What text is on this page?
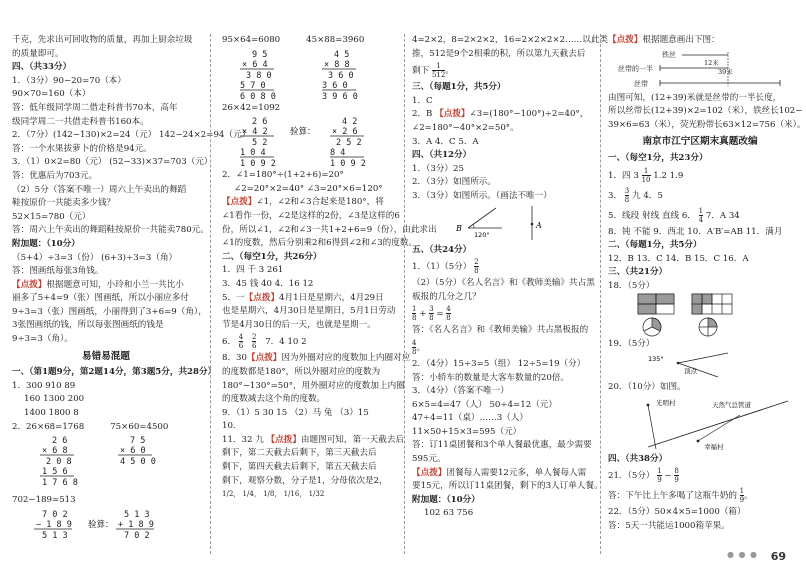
千克，先求出可回收物的质量，再加上厨余垃圾
的质量即可。
四、（共33分）
1．（3分）90−20=70（本）
90×70=160（本）
答：低年级同学周二借走科普书70本，高年
级同学周二一共借走科普书160本。
2．（7分）(142−130)×2=24（元） 142−24×2=94（元）
答：一个水果拔萝卜的价格是94元。
3．（1）0×2=80（元） (52−33)×37=703（元）
答：优惠后为703元。
（2）5分（答案不唯一）周六上午卖出的舞蹈
鞋按原价一共能卖多少钱？
52×15=780（元）
答：周六上午卖出的舞蹈鞋按原价一共能卖780元。
附加题：（10分）
（5+4）÷3=3（份） (6+3)÷3=3（角）
答：图画纸每张3角钱。
【点拨】根据题意可知，小玲和小兰一共比小
丽多了5+4=9（张）图画纸，所以小丽应多付
9÷3=3（张）图画纸，小丽得到了3+6=9（角），
3张图画纸的钱，所以每张图画纸的钱是
9÷3=3（角）。
易错易混题
一、（第1题9分，第2题14分，第3题5分，共28分）
1．300 910 89
160 1300 200
1400 1800 8
2．26×68=1768	75×60=4500
2 6
× 6 8
2 0 8
1 5 6
1 7 6 8
7 5
× 6 0
4 5 0 0
702−189=513
7 0 2
− 1 8 9
5 1 3
5 1 3
+ 1 8 9
7 0 2
验算：
95×64=6080	45×88=3960
9 5
× 6 4
3 8 0
5 7 0
6 0 8 0
4 5
× 8 8
3 6 0
3 6 0
3 9 6 0
26×42=1092
2 6
× 4 2
5 2
1 0 4
1 0 9 2
4 2
× 2 6
2 5 2
8 4
1 0 9 2
验算：
2．∠1=180°÷(1+2+6)=20°
∠2=20°×2=40° ∠3=20°×6=120°
【点拨】∠1，∠2和∠3合起来是180°，将
∠1看作一份，∠2是这样的2份，∠3是这样的6
份，所以∠1，∠2和∠3一共1+2+6=9（份），由此求出
∠1的度数，然后分别乘2和6得到∠2和∠3的度数。
二、（每空1分，共26分）
1．四 千 3 261
3．45 钱 40 4．16 12
5．一【点拨】4月1日是星期六，4月29日
也是星期六，4月30日是星期日，5月1日劳动
节是4月30日的后一天，也就是星期一。
6． $\frac{4}{6}$
$\frac{2}{6} 7$．4 10 2
8．30【点拨】因为外圈对应的度数加上内圈对应
的度数都是180°，所以外圈对应的度数为
180°−130°=50°，用外圈对应的度数加上内圈
的度数减去这个角的度数。
9．（1）5 30 15 （2）马 兔 （3）15
10．
11．32 九 【点拨】由题图可知，第一天截去后
剩下，第二天截去后剩下，第三天截去后
剩下，第四天截去后剩下，第五天截去后
剩下，观察分数，分子是1，分母依次是2，
1/2， 1/4， 1/8， 1/16， 1/32
4=2×2，8=2×2×2，16=2×2×2×2……以此类
推，512是9个2相乘的积，所以第九天截去后
剩下 $\frac{1}{512}$ 。
三、（每题1分，共5分）
1．C
2．B 【点拨】∠3=(180°−100°)÷2=40°，
∠2=180°−40°×2=50°。
3．A 4．C 5．A
四、（共12分）
1．（3分）25
2．（3分）如图所示。
3．（3分）如图所示。（画法不唯一）
B
120°
A
五、（共24分）
1．（1）（5分） $\frac{2}{8}$
（2）（5分）《名人名言》和《教师美输》共占黑
板报的几分之几？
$\frac{1}{8} + \frac{3}{8} = \frac{4}{8}$
答：《名人名言》和《教师美输》共占黑板报的
$\frac{4}{8}$ 。
2．（4分）15÷3=5（组） 12÷5=19（分）
答：小轿车的数量是大客车数量的20倍。
3．（4分）（答案不唯一）
6×5=4=47（人） 50÷4=12（元）
47÷4=11（桌）……3（人）
11×50+15×3=595（元）
答：订11桌团餐和3个单人餐最优惠，最少需要
595元。
【点拨】团餐每人需要12元多，单人餐每人需
要15元，所以订11桌团餐，剩下的3人订单人餐。
附加题：（10分）
102 63 756
【点拨】根据题意画出下图：
铁丝
丝带的一半
丝带
12米
39米
由图可知，(12+39)米就是丝带的一半长度，
所以丝带长(12+39)×2=102（米），铁丝长102−
39×6=63（米），荧光粉带长63×12=756（米）。
南京市江宁区期末真题改编
一、（每空1分，共23分）
1．四 $3 \frac{1}{10} 1.2$ 1.9
3． $\frac{3}{8}$ 九 4．5
5．线段 射线 直线 6． $\frac{1}{4} 7$．A 34
8．钝 不能 9．西北 10．A′B′=AB 11．满月
二、（每题1分，共5分）
12．B 13．C 14．B 15．C 16．A
三、（共21分）
18．（5分）
19．（5分）
135°
顶点
20．（10分）如图。
光明村	天然气总管道
幸福村
四、（共38分）
21．（5分） $\frac{1}{9} - \frac{8}{9}$
答：下午比上午多喝了这瓶牛奶的 $\frac{1}{9}$ 。
22．（5分）50×4×5=1000（箱）
答：5天一共能运1000箱苹果。
● ● ● 69
